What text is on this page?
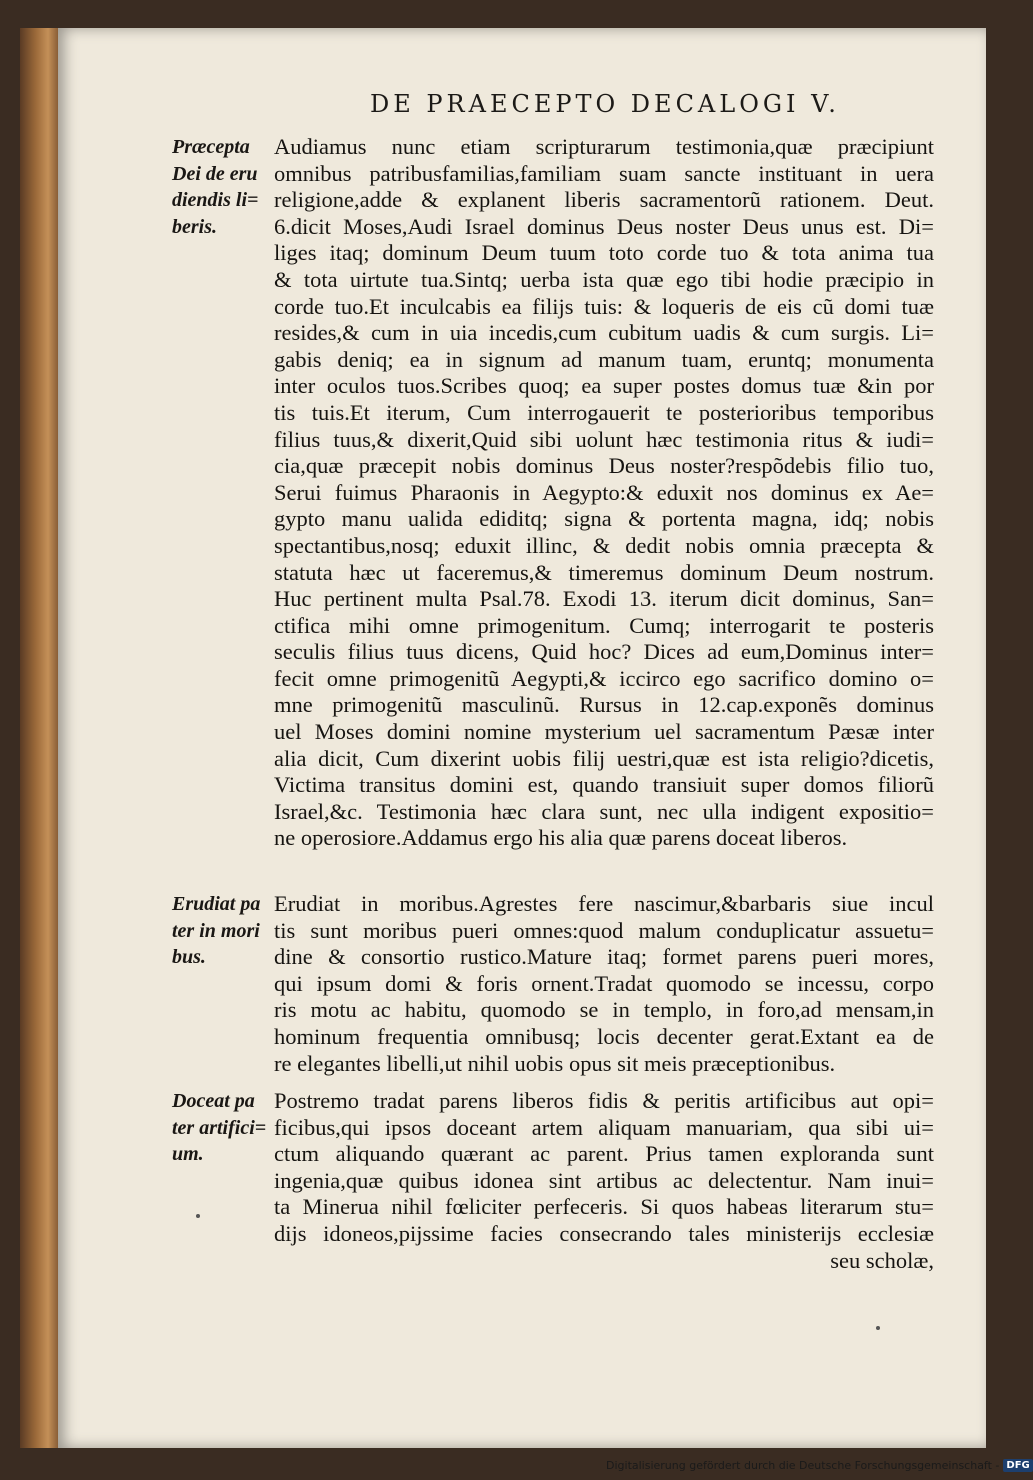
DE PRAECEPTO DECALOGI V.
Præcepta
Dei de eru
diendis li=
beris.
Erudiat pa
ter in mori
bus.
Doceat pa
ter artifici=
um.
Audiamus nunc etiam scripturarum testimonia,quæ præcipiunt
omnibus patribusfamilias,familiam suam sancte instituant in uera
religione,adde & explanent liberis sacramentorũ rationem. Deut.
6.dicit Moses,Audi Israel dominus Deus noster Deus unus est. Di=
liges itaq; dominum Deum tuum toto corde tuo & tota anima tua
& tota uirtute tua.Sintq; uerba ista quæ ego tibi hodie præcipio in
corde tuo.Et inculcabis ea filijs tuis: & loqueris de eis cũ domi tuæ
resides,& cum in uia incedis,cum cubitum uadis & cum surgis. Li=
gabis deniq; ea in signum ad manum tuam, eruntq; monumenta
inter oculos tuos.Scribes quoq; ea super postes domus tuæ &in por
tis tuis.Et iterum, Cum interrogauerit te posterioribus temporibus
filius tuus,& dixerit,Quid sibi uolunt hæc testimonia ritus & iudi=
cia,quæ præcepit nobis dominus Deus noster?respõdebis filio tuo,
Serui fuimus Pharaonis in Aegypto:& eduxit nos dominus ex Ae=
gypto manu ualida ediditq; signa & portenta magna, idq; nobis
spectantibus,nosq; eduxit illinc, & dedit nobis omnia præcepta &
statuta hæc ut faceremus,& timeremus dominum Deum nostrum.
Huc pertinent multa Psal.78. Exodi 13. iterum dicit dominus, San=
ctifica mihi omne primogenitum. Cumq; interrogarit te posteris
seculis filius tuus dicens, Quid hoc? Dices ad eum,Dominus inter=
fecit omne primogenitũ Aegypti,& iccirco ego sacrifico domino o=
mne primogenitũ masculinũ. Rursus in 12.cap.exponẽs dominus
uel Moses domini nomine mysterium uel sacramentum Pæsæ inter
alia dicit, Cum dixerint uobis filij uestri,quæ est ista religio?dicetis,
Victima transitus domini est, quando transiuit super domos filiorũ
Israel,&c. Testimonia hæc clara sunt, nec ulla indigent expositio=
ne operosiore.Addamus ergo his alia quæ parens doceat liberos.
Erudiat in moribus.Agrestes fere nascimur,&barbaris siue incul
tis sunt moribus pueri omnes:quod malum conduplicatur assuetu=
dine & consortio rustico.Mature itaq; formet parens pueri mores,
qui ipsum domi & foris ornent.Tradat quomodo se incessu, corpo
ris motu ac habitu, quomodo se in templo, in foro,ad mensam,in
hominum frequentia omnibusq; locis decenter gerat.Extant ea de
re elegantes libelli,ut nihil uobis opus sit meis præceptionibus.
Postremo tradat parens liberos fidis & peritis artificibus aut opi=
ficibus,qui ipsos doceant artem aliquam manuariam, qua sibi ui=
ctum aliquando quærant ac parent. Prius tamen exploranda sunt
ingenia,quæ quibus idonea sint artibus ac delectentur. Nam inui=
ta Minerua nihil fœliciter perfeceris. Si quos habeas literarum stu=
dijs idoneos,pijssime facies consecrando tales ministerijs ecclesiæ
seu scholæ,
Digitalisierung gefördert durch die Deutsche Forschungsgemeinschaft - DFG
